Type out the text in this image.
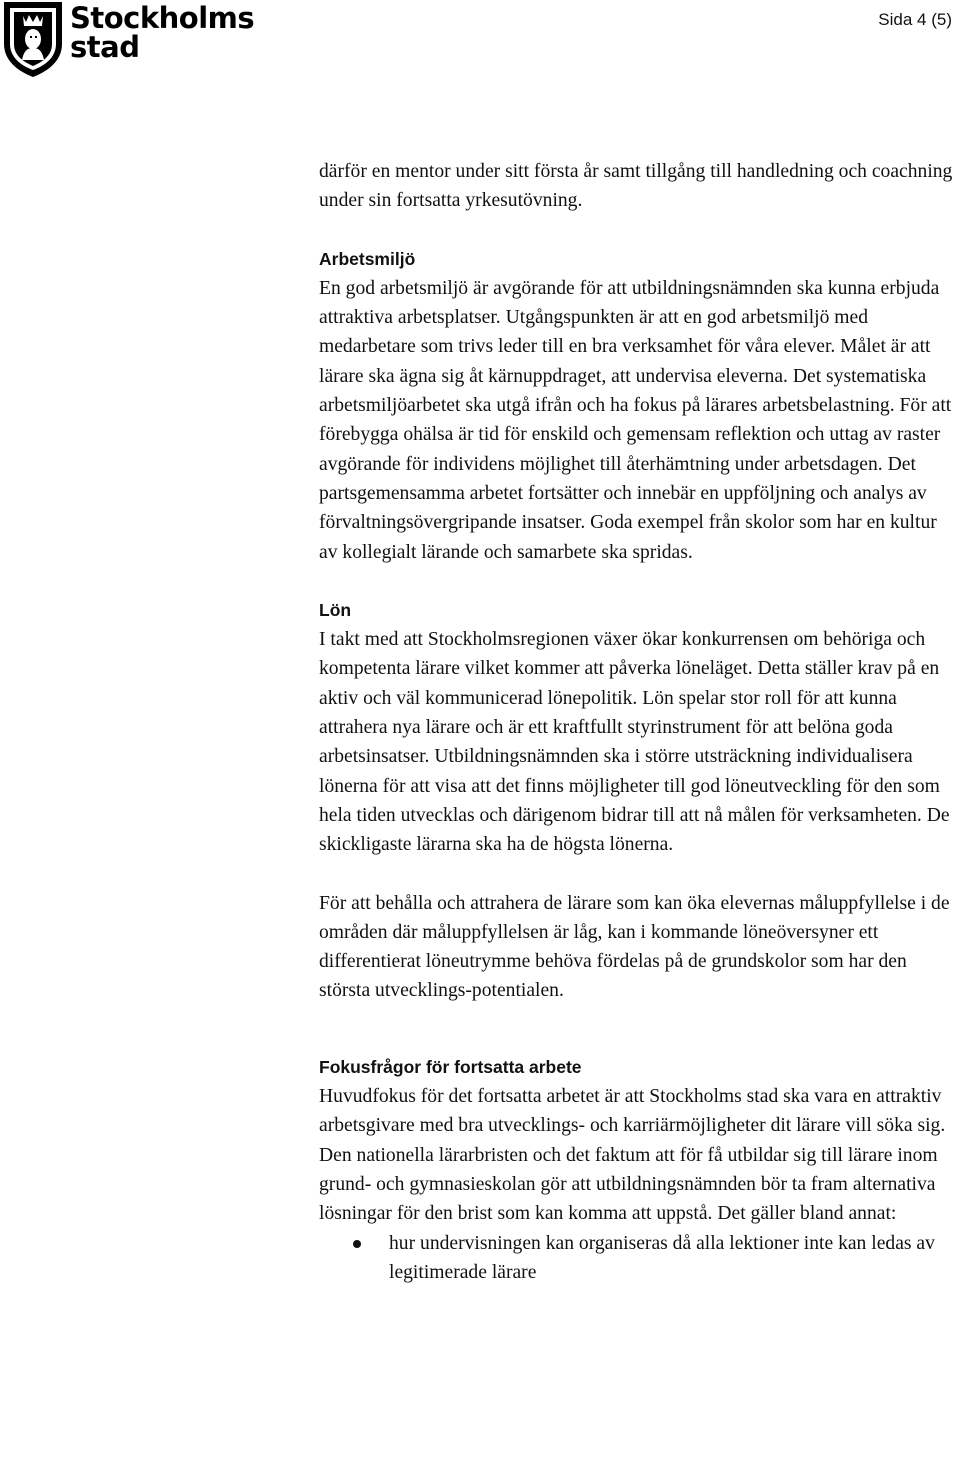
Stockholms
stad
Sida 4 (5)

därför en mentor under sitt första år samt tillgång till handledning och coachning under sin fortsatta yrkesutövning.

Arbetsmiljö

En god arbetsmiljö är avgörande för att utbildningsnämnden ska kunna erbjuda attraktiva arbetsplatser. Utgångspunkten är att en god arbetsmiljö med medarbetare som trivs leder till en bra verksamhet för våra elever. Målet är att lärare ska ägna sig åt kärnuppdraget, att undervisa eleverna. Det systematiska arbetsmiljöarbetet ska utgå ifrån och ha fokus på lärares arbetsbelastning. För att förebygga ohälsa är tid för enskild och gemensam reflektion och uttag av raster avgörande för individens möjlighet till återhämtning under arbetsdagen. Det partsgemensamma arbetet fortsätter och innebär en uppföljning och analys av förvaltningsövergripande insatser. Goda exempel från skolor som har en kultur av kollegialt lärande och samarbete ska spridas.

Lön

I takt med att Stockholmsregionen växer ökar konkurrensen om behöriga och kompetenta lärare vilket kommer att påverka löneläget. Detta ställer krav på en aktiv och väl kommunicerad lönepolitik. Lön spelar stor roll för att kunna attrahera nya lärare och är ett kraftfullt styrinstrument för att belöna goda arbetsinsatser. Utbildningsnämnden ska i större utsträckning individualisera lönerna för att visa att det finns möjligheter till god löneutveckling för den som hela tiden utvecklas och därigenom bidrar till att nå målen för verksamheten. De skickligaste lärarna ska ha de högsta lönerna.

För att behålla och attrahera de lärare som kan öka elevernas måluppfyllelse i de områden där måluppfyllelsen är låg, kan i kommande löneöversyner ett differentierat löneutrymme behöva fördelas på de grundskolor som har den största utvecklings-potentialen.

Fokusfrågor för fortsatta arbete

Huvudfokus för det fortsatta arbetet är att Stockholms stad ska vara en attraktiv arbetsgivare med bra utvecklings- och karriärmöjligheter dit lärare vill söka sig. Den nationella lärarbristen och det faktum att för få utbildar sig till lärare inom grund- och gymnasieskolan gör att utbildningsnämnden bör ta fram alternativa lösningar för den brist som kan komma att uppstå. Det gäller bland annat:

hur undervisningen kan organiseras då alla lektioner inte kan ledas av legitimerade lärare
